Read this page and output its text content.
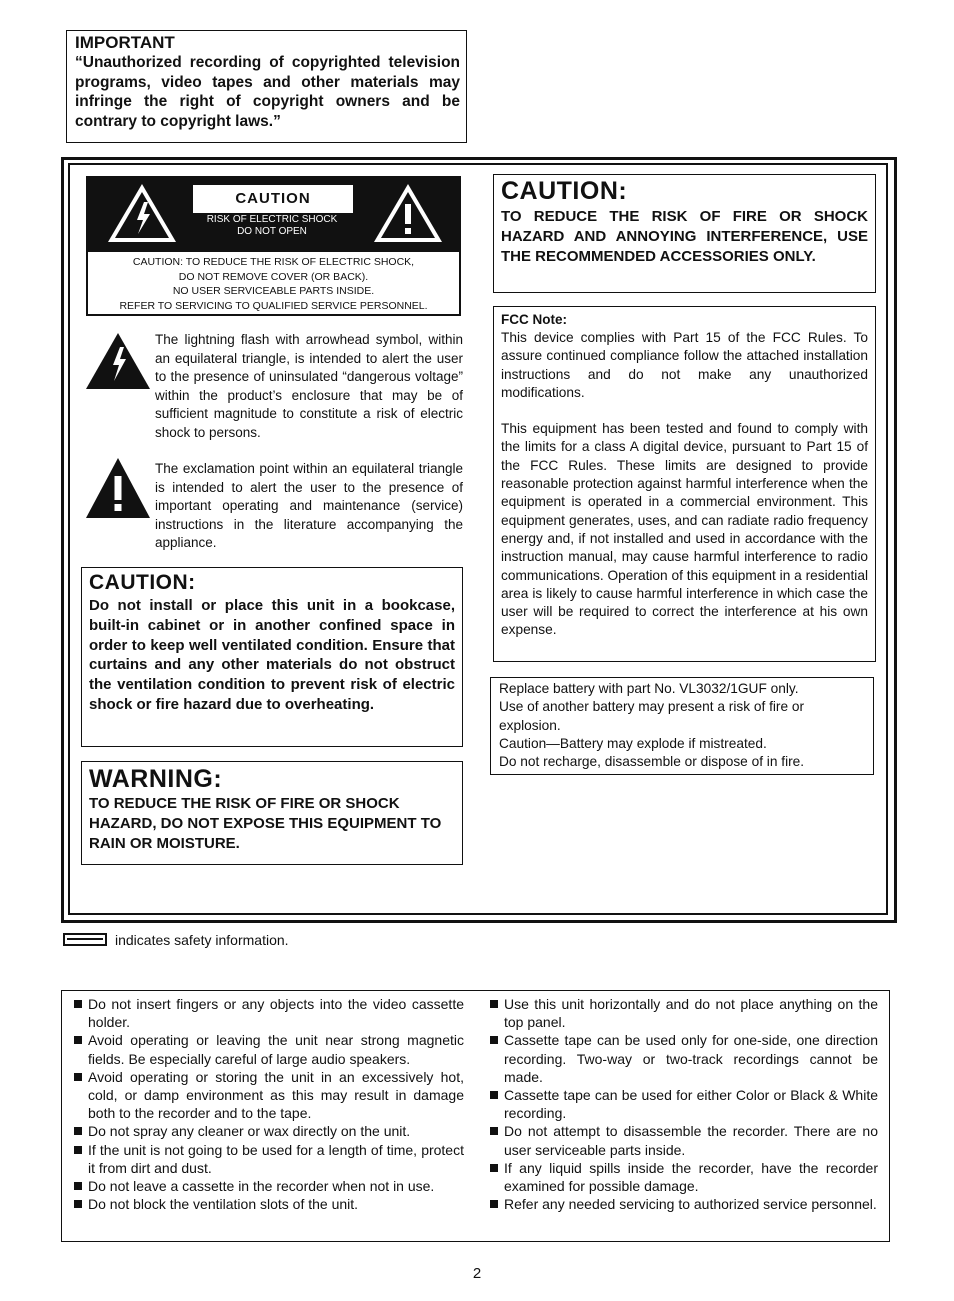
IMPORTANT
“Unauthorized recording of copyrighted television programs, video tapes and other materials may infringe the right of copyright owners and be contrary to copyright laws.”
CAUTION
RISK OF ELECTRIC SHOCK
DO NOT OPEN
CAUTION: TO REDUCE THE RISK OF ELECTRIC SHOCK,
DO NOT REMOVE COVER (OR BACK).
NO USER SERVICEABLE PARTS INSIDE.
REFER TO SERVICING TO QUALIFIED SERVICE PERSONNEL.
The lightning flash with arrowhead symbol, within an equilateral triangle, is intended to alert the user to the presence of uninsulated “dangerous voltage” within the product’s enclosure that may be of sufficient magnitude to constitute a risk of electric shock to persons.
The exclamation point within an equilateral triangle is intended to alert the user to the presence of important operating and maintenance (service) instructions in the literature accompanying the appliance.
CAUTION:
Do not install or place this unit in a bookcase, built-in cabinet or in another confined space in order to keep well ventilated condition. Ensure that curtains and any other materials do not obstruct the ventilation condition to prevent risk of electric shock or fire hazard due to overheating.
WARNING:
TO REDUCE THE RISK OF FIRE OR SHOCK HAZARD, DO NOT EXPOSE THIS EQUIPMENT TO RAIN OR MOISTURE.
CAUTION:
TO REDUCE THE RISK OF FIRE OR SHOCK HAZARD AND ANNOYING INTERFERENCE, USE THE RECOMMENDED ACCESSORIES ONLY.
FCC Note:
This device complies with Part 15 of the FCC Rules. To assure continued compliance follow the attached installation instructions and do not make any unauthorized modifications.
This equipment has been tested and found to comply with the limits for a class A digital device, pursuant to Part 15 of the FCC Rules. These limits are designed to provide reasonable protection against harmful interference when the equipment is operated in a commercial environment. This equipment generates, uses, and can radiate radio frequency energy and, if not installed and used in accordance with the instruction manual, may cause harmful interference to radio communications. Operation of this equipment in a residential area is likely to cause harmful interference in which case the user will be required to correct the interference at his own expense.
Replace battery with part No. VL3032/1GUF only.
Use of another battery may present a risk of fire or explosion.
Caution—Battery may explode if mistreated.
Do not recharge, disassemble or dispose of in fire.
indicates safety information.
Do not insert fingers or any objects into the video cassette holder.
Avoid operating or leaving the unit near strong magnetic fields. Be especially careful of large audio speakers.
Avoid operating or storing the unit in an excessively hot, cold, or damp environment as this may result in damage both to the recorder and to the tape.
Do not spray any cleaner or wax directly on the unit.
If the unit is not going to be used for a length of time, protect it from dirt and dust.
Do not leave a cassette in the recorder when not in use.
Do not block the ventilation slots of the unit.
Use this unit horizontally and do not place anything on the top panel.
Cassette tape can be used only for one-side, one direction recording. Two-way or two-track recordings cannot be made.
Cassette tape can be used for either Color or Black & White recording.
Do not attempt to disassemble the recorder. There are no user serviceable parts inside.
If any liquid spills inside the recorder, have the recorder examined for possible damage.
Refer any needed servicing to authorized service personnel.
2
